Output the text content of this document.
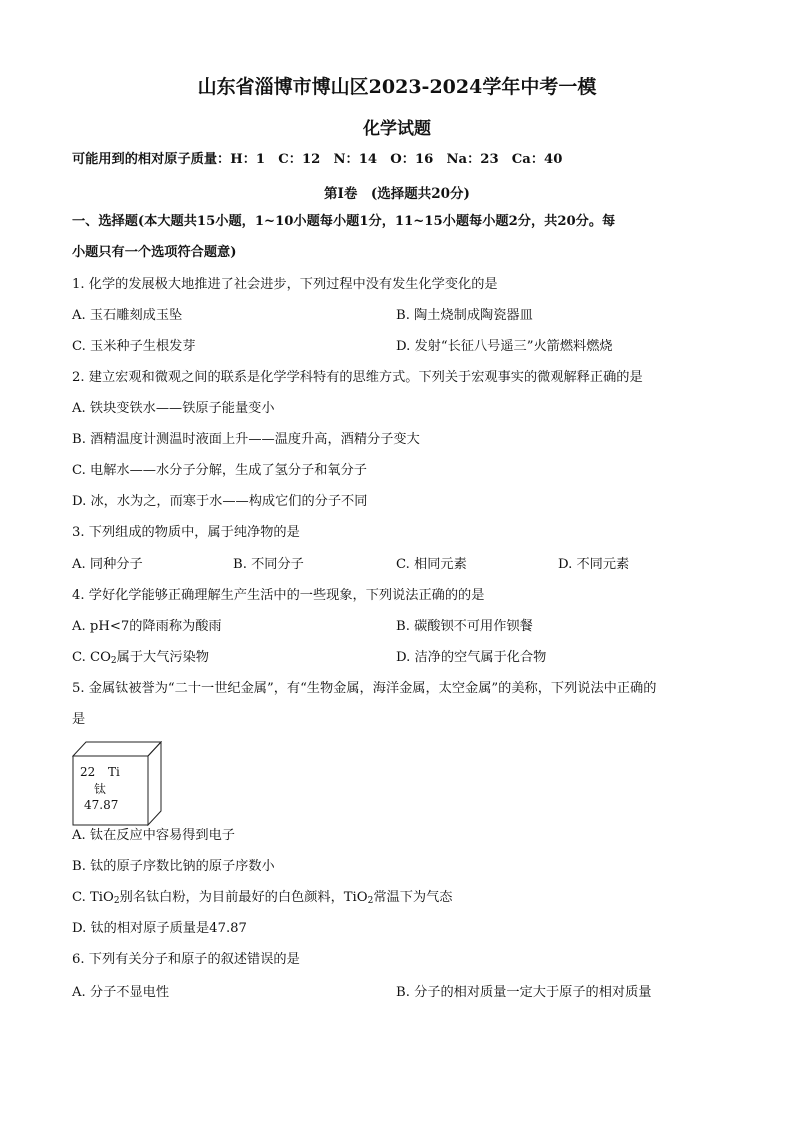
山东省淄博市博山区2023-2024学年中考一模
化学试题
可能用到的相对原子质量：H：1　C：12　N：14　O：16　Na：23　Ca：40
第Ⅰ卷　(选择题共20分)
一、选择题(本大题共15小题，1~10小题每小题1分，11~15小题每小题2分，共20分。每
小题只有一个选项符合题意)
1. 化学的发展极大地推进了社会进步，下列过程中没有发生化学变化的是
A. 玉石雕刻成玉坠	B. 陶土烧制成陶瓷器皿
C. 玉米种子生根发芽	D. 发射“长征八号遥三”火箭燃料燃烧
2. 建立宏观和微观之间的联系是化学学科特有的思维方式。下列关于宏观事实的微观解释正确的是
A. 铁块变铁水——铁原子能量变小
B. 酒精温度计测温时液面上升——温度升高，酒精分子变大
C. 电解水——水分子分解，生成了氢分子和氧分子
D. 冰，水为之，而寒于水——构成它们的分子不同
3. 下列组成的物质中，属于纯净物的是
A. 同种分子	B. 不同分子	C. 相同元素	D. 不同元素
4. 学好化学能够正确理解生产生活中的一些现象，下列说法正确的的是
A. pH<7的降雨称为酸雨	B. 碳酸钡不可用作钡餐
C. $CO_2$属于大气污染物	D. 洁净的空气属于化合物
5. 金属钛被誉为“二十一世纪金属”，有“生物金属，海洋金属，太空金属”的美称，下列说法中正确的
是
22 Ti
钛
47.87
A. 钛在反应中容易得到电子
B. 钛的原子序数比钠的原子序数小
C. TiO$_2$别名钛白粉，为目前最好的白色颜料，TiO$_2$常温下为气态
D. 钛的相对原子质量是47.87
6. 下列有关分子和原子的叙述错误的是
A. 分子不显电性	B. 分子的相对质量一定大于原子的相对质量
